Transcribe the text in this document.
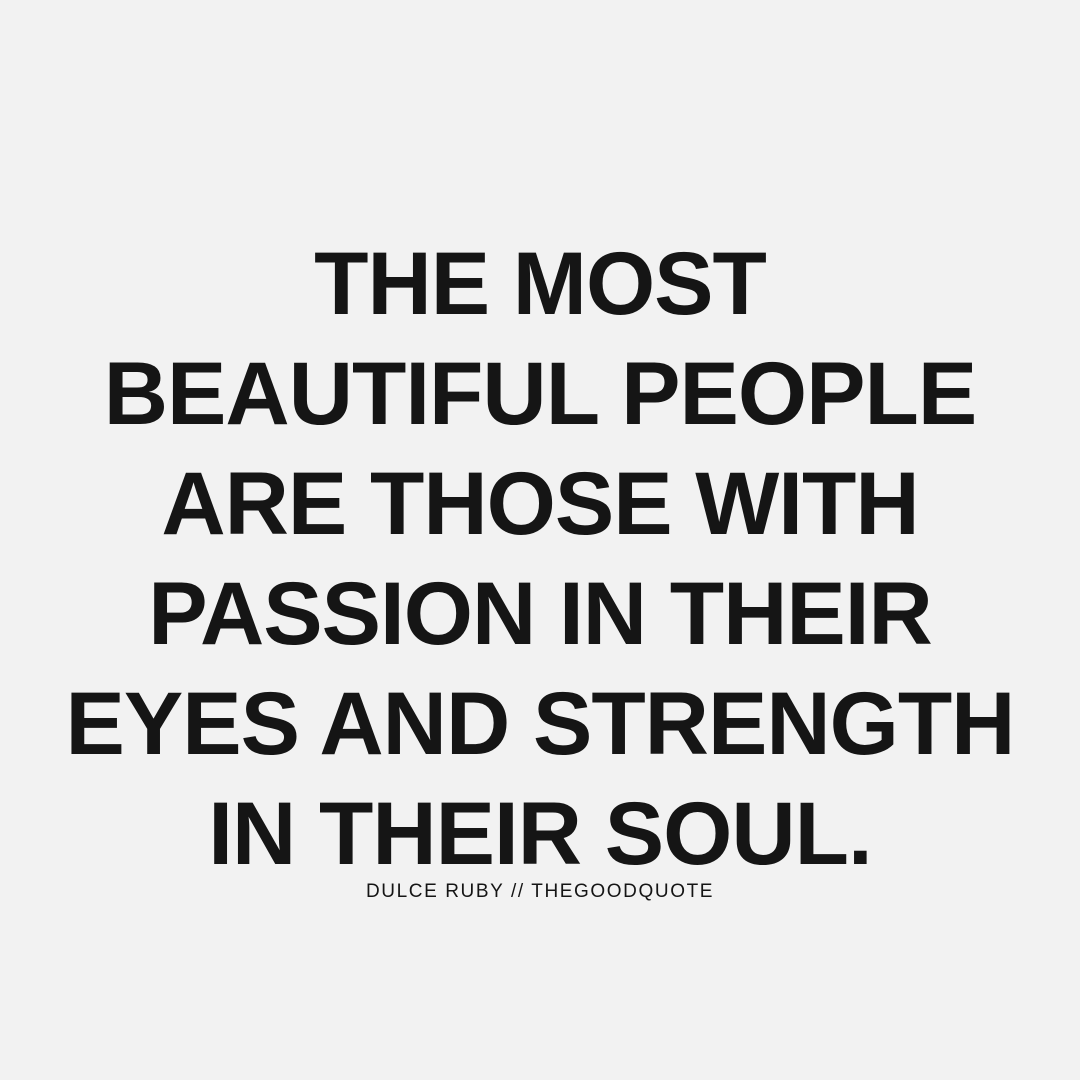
THE MOST
BEAUTIFUL PEOPLE
ARE THOSE WITH
PASSION IN THEIR
EYES AND STRENGTH
IN THEIR SOUL.
DULCE RUBY // THEGOODQUOTE
